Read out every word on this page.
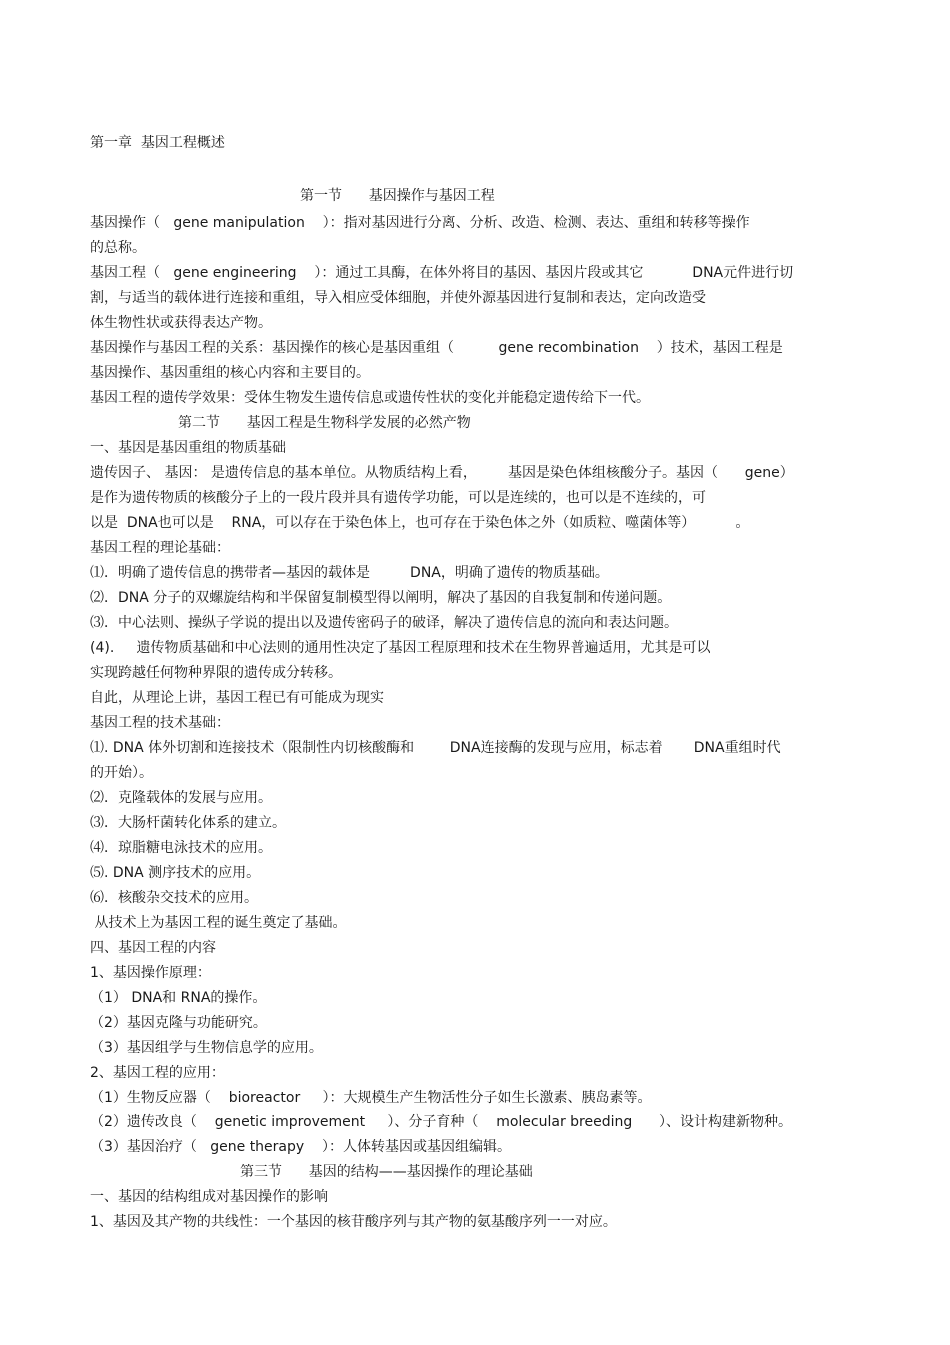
第一章  基因工程概述
第一节      基因操作与基因工程
基因操作（   gene manipulation    ）：指对基因进行分离、分析、改造、检测、表达、重组和转移等操作
的总称。
基因工程（   gene engineering    ）：通过工具酶，在体外将目的基因、基因片段或其它           DNA元件进行切
割，与适当的载体进行连接和重组，导入相应受体细胞，并使外源基因进行复制和表达，定向改造受
体生物性状或获得表达产物。
基因操作与基因工程的关系：基因操作的核心是基因重组（          gene recombination    ）技术，基因工程是
基因操作、基因重组的核心内容和主要目的。
基因工程的遗传学效果：受体生物发生遗传信息或遗传性状的变化并能稳定遗传给下一代。
第二节      基因工程是生物科学发展的必然产物
一、基因是基因重组的物质基础
遗传因子、 基因： 是遗传信息的基本单位。从物质结构上看，       基因是染色体组核酸分子。基因（      gene）
是作为遗传物质的核酸分子上的一段片段并具有遗传学功能，可以是连续的，也可以是不连续的，可
以是  DNA也可以是    RNA，可以存在于染色体上，也可存在于染色体之外（如质粒、噬菌体等）         。
基因工程的理论基础：
⑴．明确了遗传信息的携带者—基因的载体是         DNA，明确了遗传的物质基础。
⑵．DNA 分子的双螺旋结构和半保留复制模型得以阐明，解决了基因的自我复制和传递问题。
⑶．中心法则、操纵子学说的提出以及遗传密码子的破译，解决了遗传信息的流向和表达问题。
(4).     遗传物质基础和中心法则的通用性决定了基因工程原理和技术在生物界普遍适用，尤其是可以
实现跨越任何物种界限的遗传成分转移。
自此，从理论上讲，基因工程已有可能成为现实
基因工程的技术基础：
⑴. DNA 体外切割和连接技术（限制性内切核酸酶和        DNA连接酶的发现与应用，标志着       DNA重组时代
的开始）。
⑵．克隆载体的发展与应用。
⑶．大肠杆菌转化体系的建立。
⑷．琼脂糖电泳技术的应用。
⑸. DNA 测序技术的应用。
⑹．核酸杂交技术的应用。
从技术上为基因工程的诞生奠定了基础。
四、基因工程的内容
1、基因操作原理：
（1） DNA和 RNA的操作。
（2）基因克隆与功能研究。
（3）基因组学与生物信息学的应用。
2、基因工程的应用：
（1）生物反应器（    bioreactor     ）：大规模生产生物活性分子如生长激素、胰岛素等。
（2）遗传改良（    genetic improvement     ）、分子育种（    molecular breeding      ）、设计构建新物种。
（3）基因治疗（   gene therapy    ）：人体转基因或基因组编辑。
第三节      基因的结构——基因操作的理论基础
一、基因的结构组成对基因操作的影响
1、基因及其产物的共线性：一个基因的核苷酸序列与其产物的氨基酸序列一一对应。
